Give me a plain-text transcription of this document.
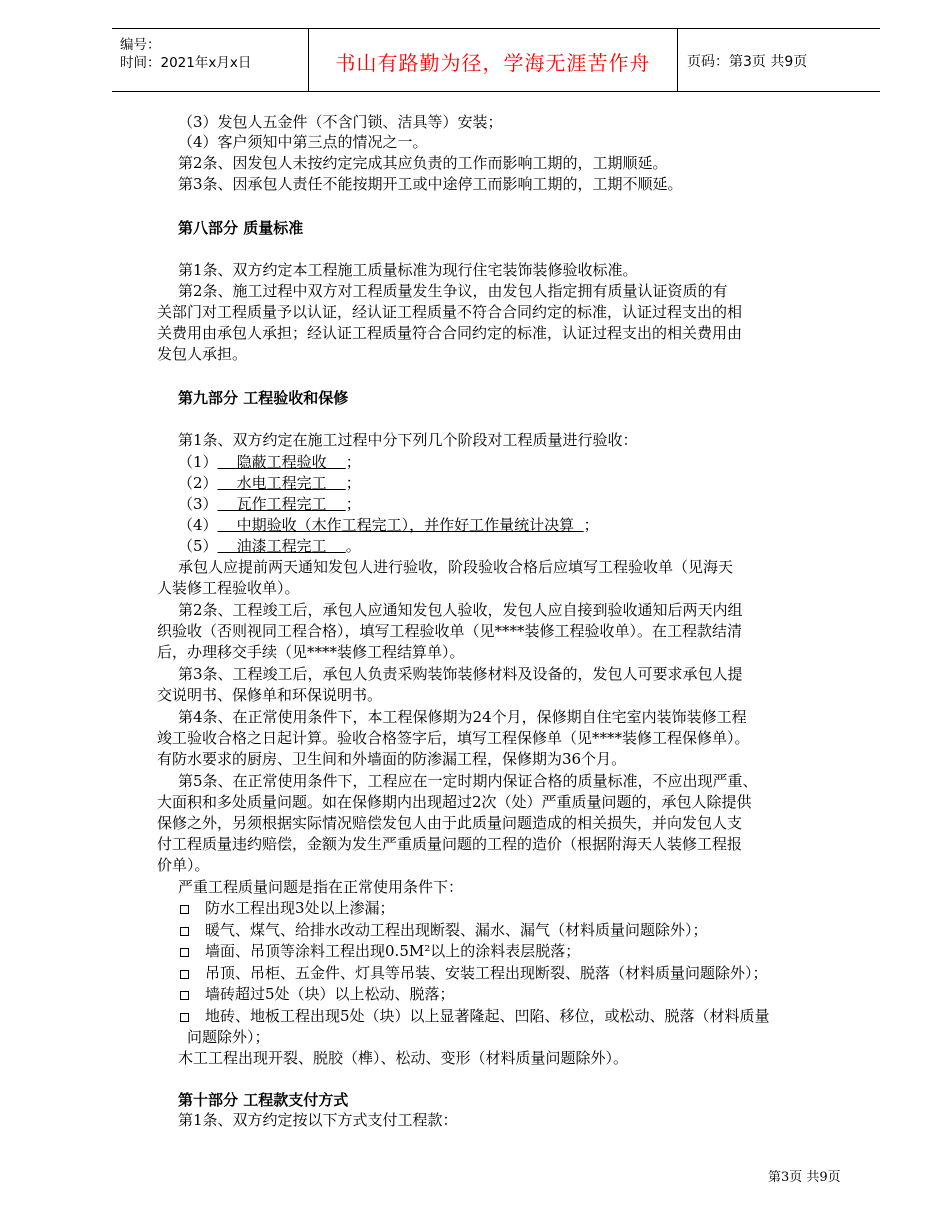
编号：
时间：2021年x月x日	书山有路勤为径，学海无涯苦作舟	页码：第3页 共9页
（3）发包人五金件（不含门锁、洁具等）安装；
（4）客户须知中第三点的情况之一。
第2条、因发包人未按约定完成其应负责的工作而影响工期的，工期顺延。
第3条、因承包人责任不能按期开工或中途停工而影响工期的，工期不顺延。
第八部分 质量标准
第1条、双方约定本工程施工质量标准为现行住宅装饰装修验收标准。
第2条、施工过程中双方对工程质量发生争议，由发包人指定拥有质量认证资质的有
关部门对工程质量予以认证，经认证工程质量不符合合同约定的标准，认证过程支出的相
关费用由承包人承担；经认证工程质量符合合同约定的标准，认证过程支出的相关费用由
发包人承担。
第九部分 工程验收和保修
第1条、双方约定在施工过程中分下列几个阶段对工程质量进行验收：
（1）    隐蔽工程验收    ；
（2）    水电工程完工    ；
（3）    瓦作工程完工    ；
（4）    中期验收（木作工程完工），并作好工作量统计决算  ；
（5）    油漆工程完工    。
承包人应提前两天通知发包人进行验收，阶段验收合格后应填写工程验收单（见海天
人装修工程验收单）。
第2条、工程竣工后，承包人应通知发包人验收，发包人应自接到验收通知后两天内组
织验收（否则视同工程合格），填写工程验收单（见****装修工程验收单）。在工程款结清
后，办理移交手续（见****装修工程结算单）。
第3条、工程竣工后，承包人负责采购装饰装修材料及设备的，发包人可要求承包人提
交说明书、保修单和环保说明书。
第4条、在正常使用条件下，本工程保修期为24个月，保修期自住宅室内装饰装修工程
竣工验收合格之日起计算。验收合格签字后，填写工程保修单（见****装修工程保修单）。
有防水要求的厨房、卫生间和外墙面的防渗漏工程，保修期为36个月。
第5条、在正常使用条件下，工程应在一定时期内保证合格的质量标准，不应出现严重、
大面积和多处质量问题。如在保修期内出现超过2次（处）严重质量问题的，承包人除提供
保修之外，另须根据实际情况赔偿发包人由于此质量问题造成的相关损失，并向发包人支
付工程质量违约赔偿，金额为发生严重质量问题的工程的造价（根据附海天人装修工程报
价单）。
严重工程质量问题是指在正常使用条件下：
防水工程出现3处以上渗漏；
暖气、煤气、给排水改动工程出现断裂、漏水、漏气（材料质量问题除外）；
墙面、吊顶等涂料工程出现0.5M²以上的涂料表层脱落；
吊顶、吊柜、五金件、灯具等吊装、安装工程出现断裂、脱落（材料质量问题除外）；
墙砖超过5处（块）以上松动、脱落；
地砖、地板工程出现5处（块）以上显著隆起、凹陷、移位，或松动、脱落（材料质量
问题除外）；
木工工程出现开裂、脱胶（榫）、松动、变形（材料质量问题除外）。
第十部分 工程款支付方式
第1条、双方约定按以下方式支付工程款：
第3页 共9页
